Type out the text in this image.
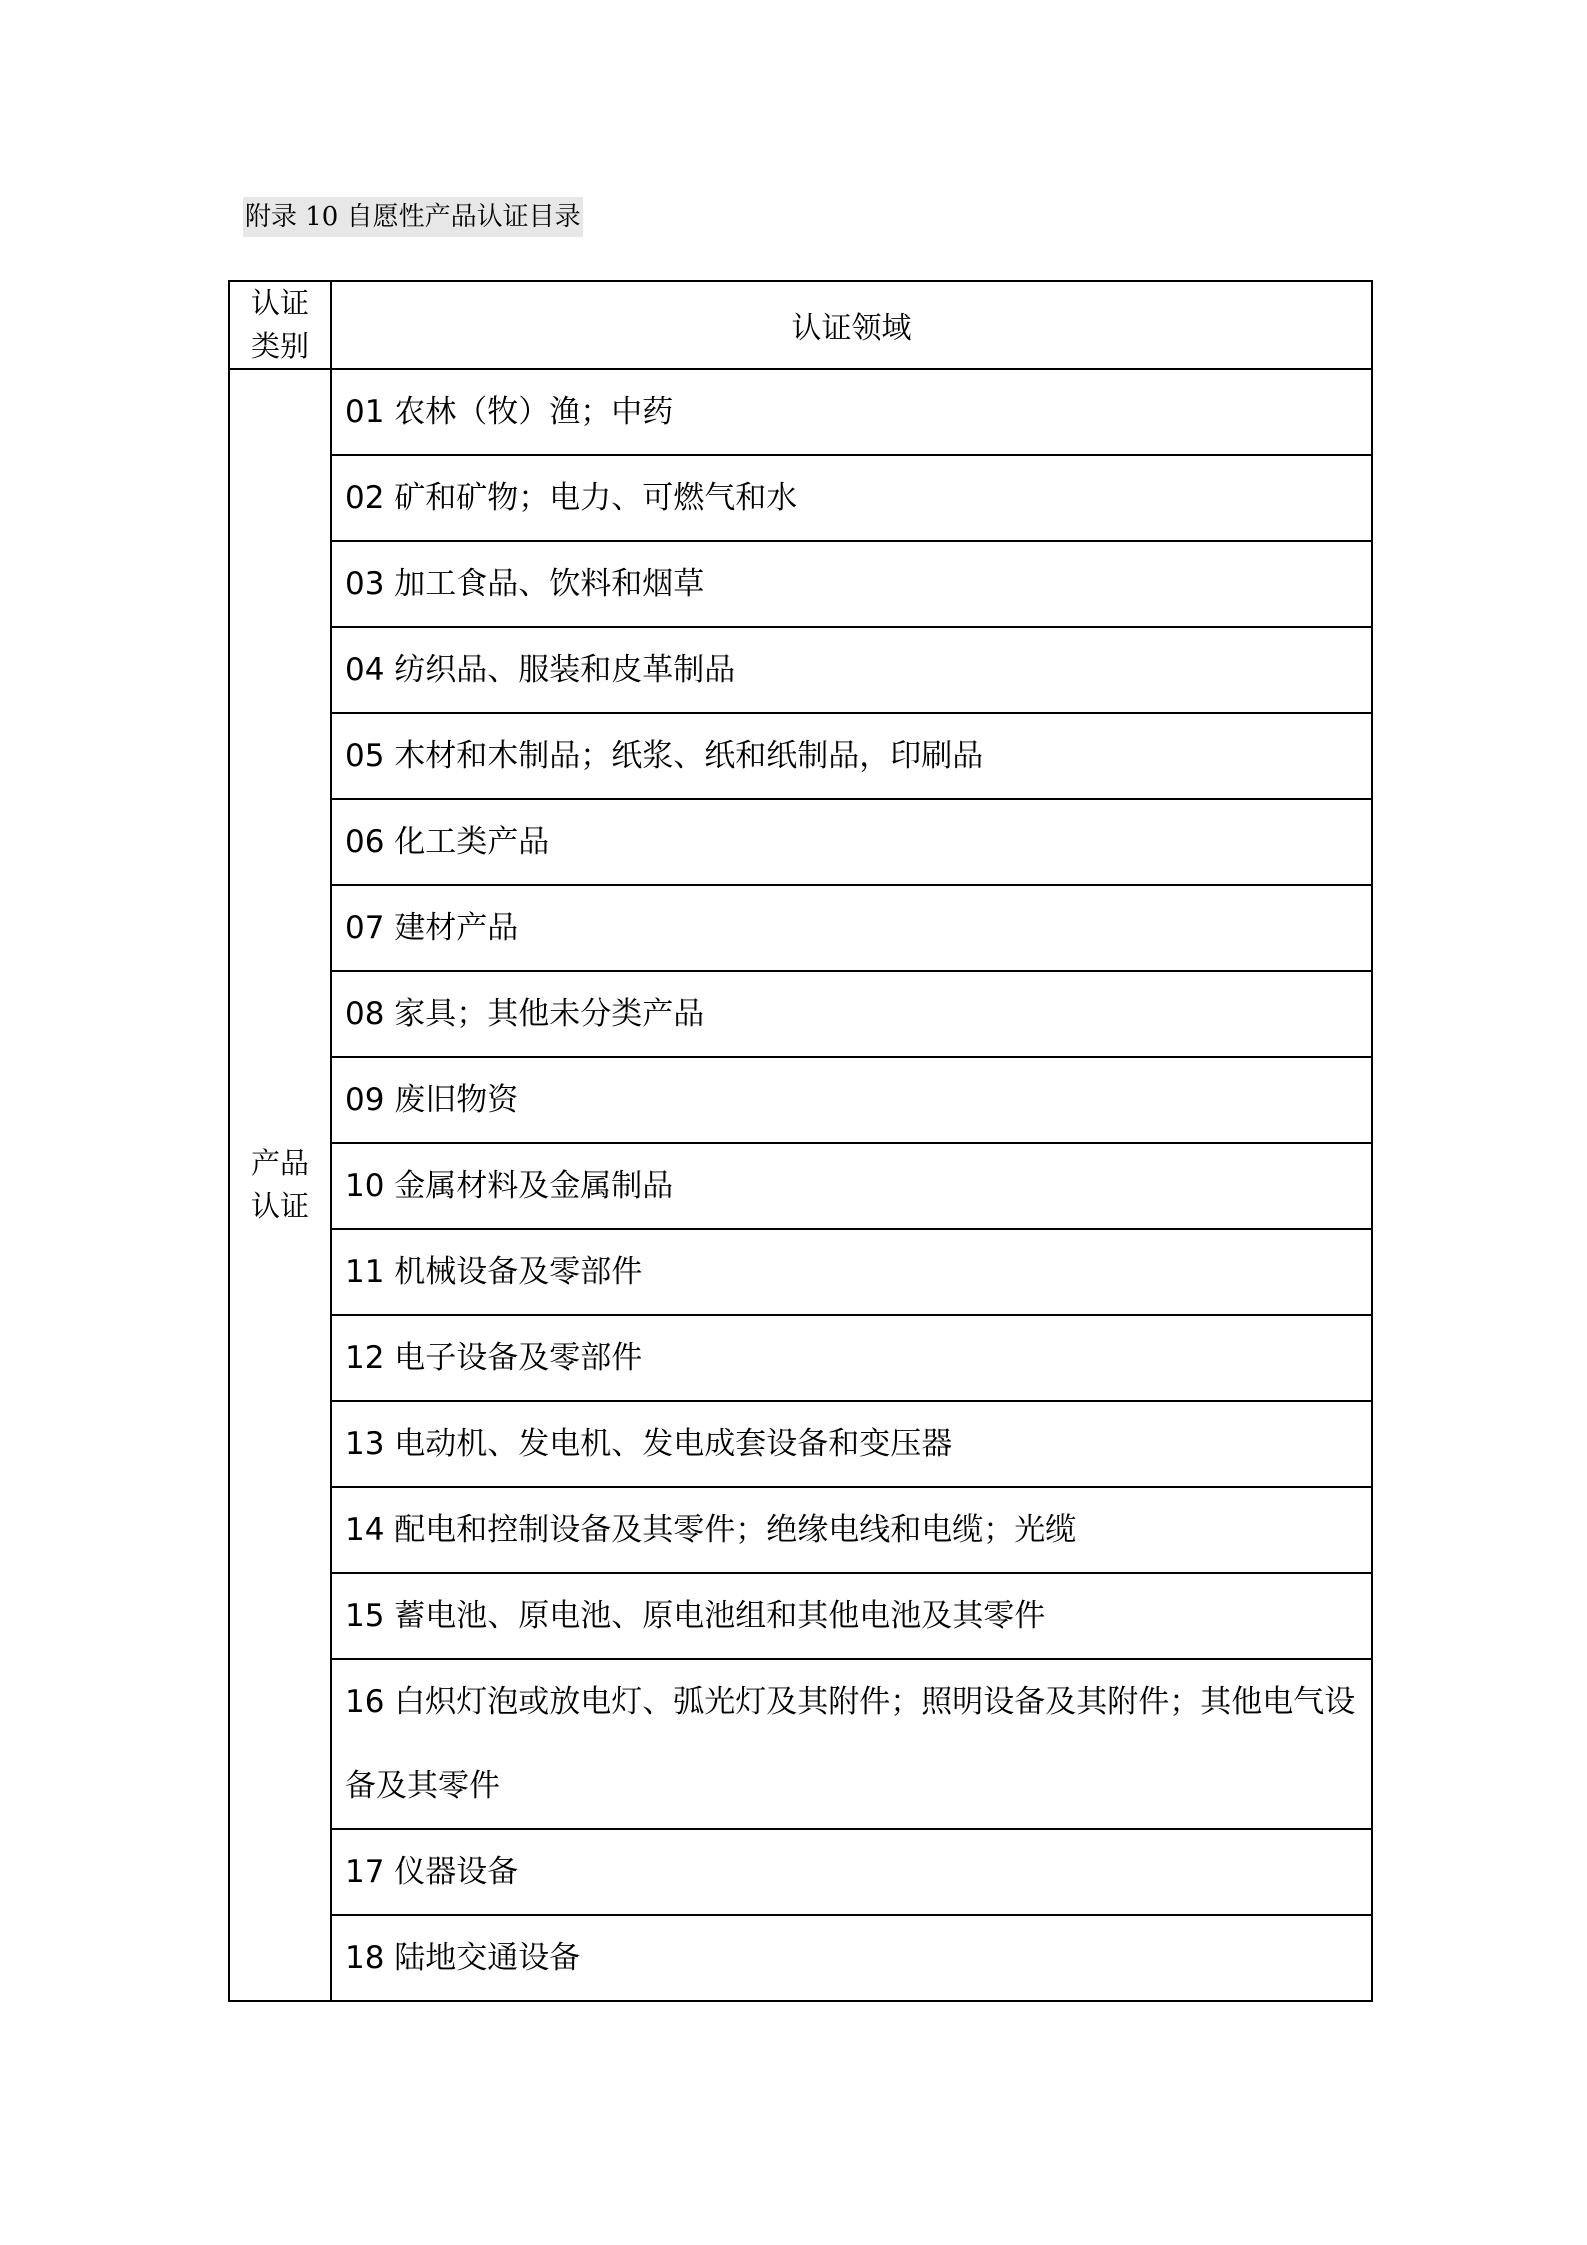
附录 10 自愿性产品认证目录
认证
类别	认证领域

产品
认证	01 农林（牧）渔；中药
	02 矿和矿物；电力、可燃气和水
	03 加工食品、饮料和烟草
	04 纺织品、服装和皮革制品
	05 木材和木制品；纸浆、纸和纸制品，印刷品
	06 化工类产品
	07 建材产品
	08 家具；其他未分类产品
	09 废旧物资
	10 金属材料及金属制品
	11 机械设备及零部件
	12 电子设备及零部件
	13 电动机、发电机、发电成套设备和变压器
	14 配电和控制设备及其零件；绝缘电线和电缆；光缆
	15 蓄电池、原电池、原电池组和其他电池及其零件
	16 白炽灯泡或放电灯、弧光灯及其附件；照明设备及其附件；其他电气设备及其零件
	17 仪器设备
	18 陆地交通设备
